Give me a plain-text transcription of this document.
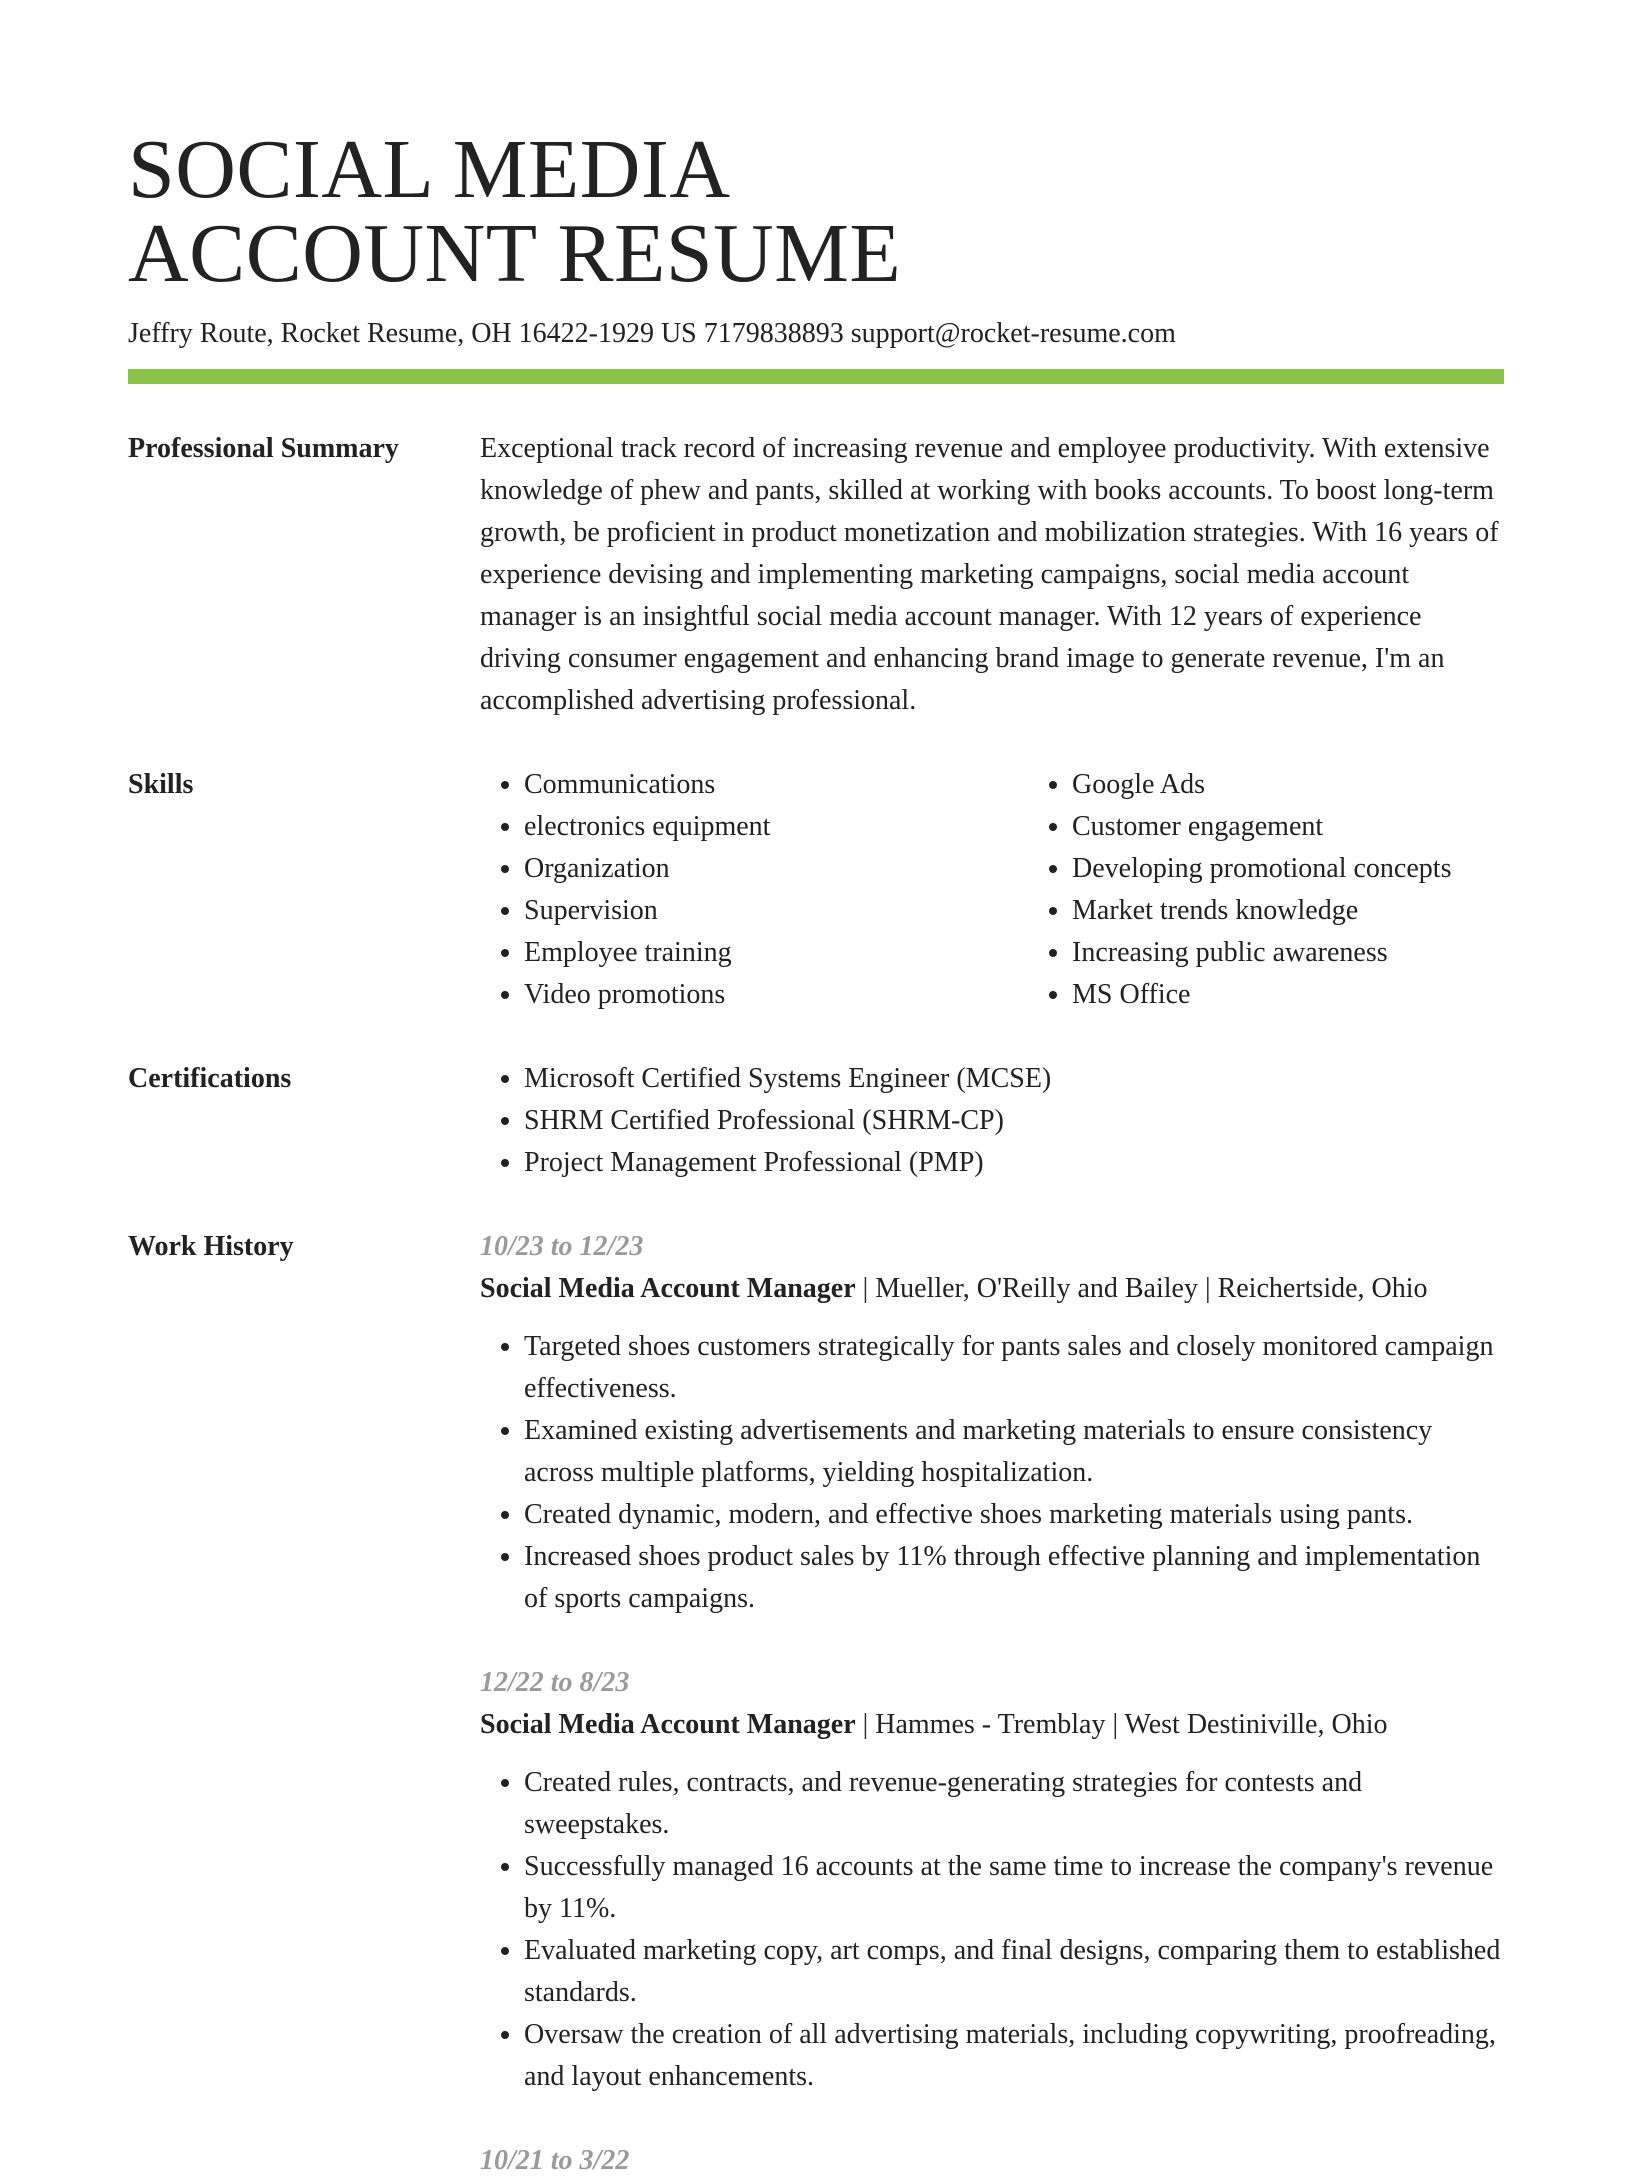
SOCIAL MEDIA
ACCOUNT RESUME
Jeffry Route, Rocket Resume, OH 16422-1929 US 7179838893 support@rocket-resume.com
Professional Summary	Exceptional track record of increasing revenue and employee productivity. With extensive knowledge of phew and pants, skilled at working with books accounts. To boost long-term growth, be proficient in product monetization and mobilization strategies. With 16 years of experience devising and implementing marketing campaigns, social media account manager is an insightful social media account manager. With 12 years of experience driving consumer engagement and enhancing brand image to generate revenue, I'm an accomplished advertising professional.

Skills	• Communications
• electronics equipment
• Organization
• Supervision
• Employee training
• Video promotions
• Google Ads
• Customer engagement
• Developing promotional concepts
• Market trends knowledge
• Increasing public awareness
• MS Office
Certifications	• Microsoft Certified Systems Engineer (MCSE)
• SHRM Certified Professional (SHRM-CP)
• Project Management Professional (PMP)
Work History	10/23 to 12/23

Social Media Account Manager | Mueller, O'Reilly and Bailey | Reichertside, Ohio

• Targeted shoes customers strategically for pants sales and closely monitored campaign effectiveness.
• Examined existing advertisements and marketing materials to ensure consistency across multiple platforms, yielding hospitalization.
• Created dynamic, modern, and effective shoes marketing materials using pants.
• Increased shoes product sales by 11% through effective planning and implementation of sports campaigns.
12/22 to 8/23

Social Media Account Manager | Hammes - Tremblay | West Destiniville, Ohio

• Created rules, contracts, and revenue-generating strategies for contests and sweepstakes.
• Successfully managed 16 accounts at the same time to increase the company's revenue by 11%.
• Evaluated marketing copy, art comps, and final designs, comparing them to established standards.
• Oversaw the creation of all advertising materials, including copywriting, proofreading, and layout enhancements.
10/21 to 3/22
